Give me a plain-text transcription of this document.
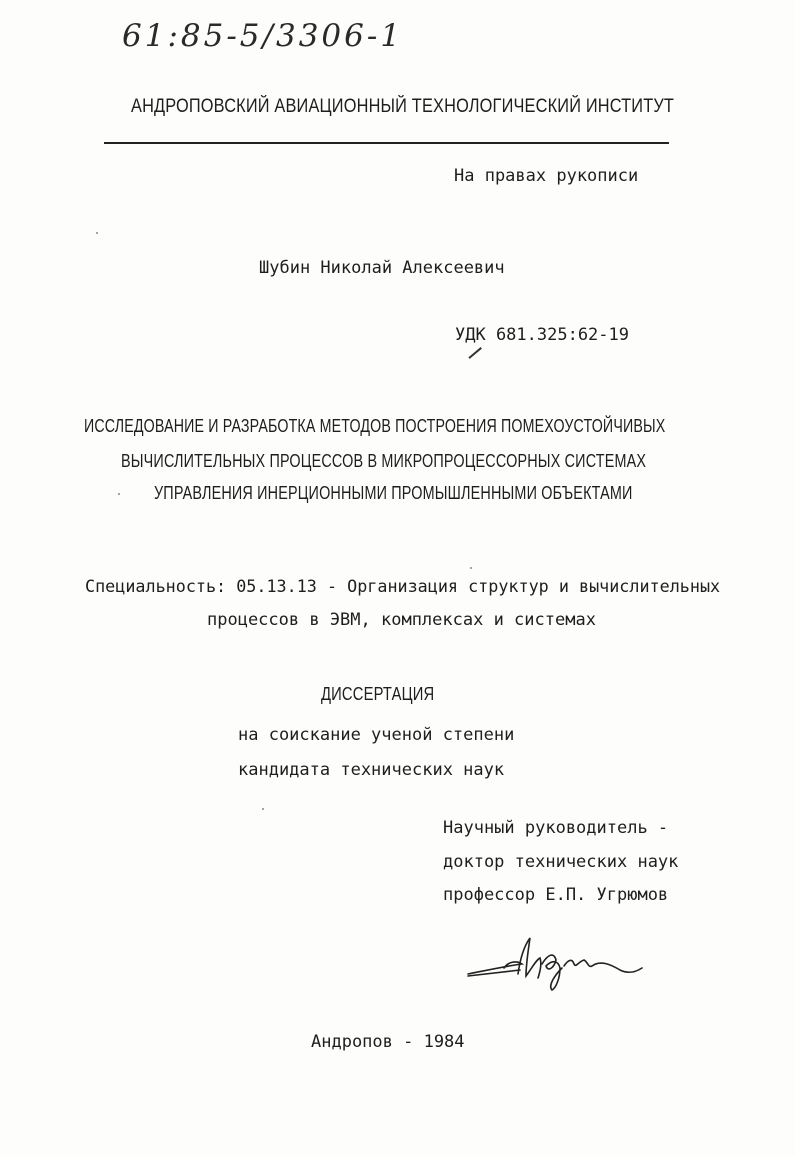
61:85-5/3306-1
АНДРОПОВСКИЙ АВИАЦИОННЫЙ ТЕХНОЛОГИЧЕСКИЙ ИНСТИТУТ
На правах рукописи
Шубин Николай Алексеевич
УДК 681.325:62-19
ИССЛЕДОВАНИЕ И РАЗРАБОТКА МЕТОДОВ ПОСТРОЕНИЯ ПОМЕХОУСТОЙЧИВЫХ
ВЫЧИСЛИТЕЛЬНЫХ ПРОЦЕССОВ В МИКРОПРОЦЕССОРНЫХ СИСТЕМАХ
УПРАВЛЕНИЯ ИНЕРЦИОННЫМИ ПРОМЫШЛЕННЫМИ ОБЪЕКТАМИ
Специальность: 05.13.13 - Организация структур и вычислительных
процессов в ЭВМ, комплексах и системах
ДИССЕРТАЦИЯ
на соискание ученой степени
кандидата технических наук
Научный руководитель -
доктор технических наук
профессор Е.П. Угрюмов
Андропов - 1984
